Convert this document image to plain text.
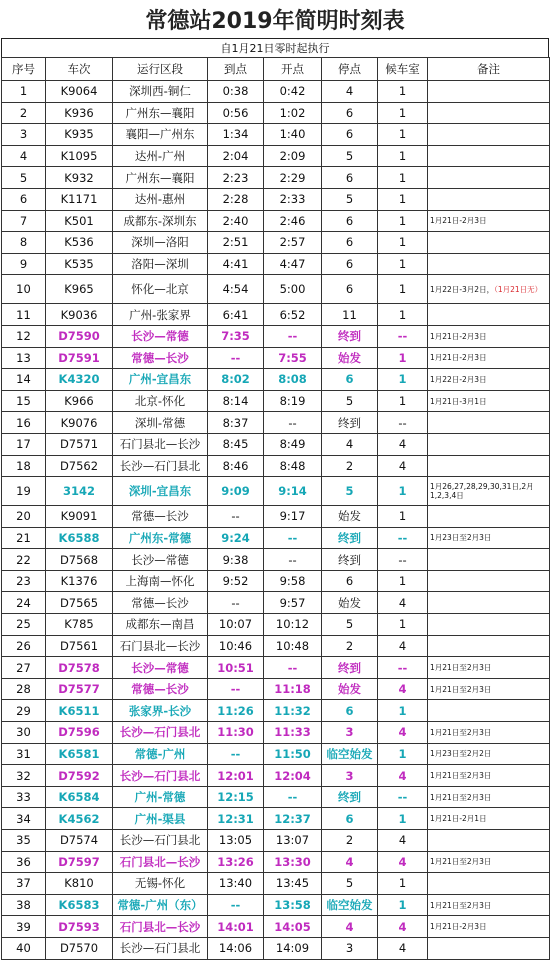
常德站2019年简明时刻表
自1月21日零时起执行
序号	车次	运行区段	到点	开点	停点	候车室	备注
1	K9064	深圳西-铜仁	0:38	0:42	4	1	
2	K936	广州东—襄阳	0:56	1:02	6	1	
3	K935	襄阳—广州东	1:34	1:40	6	1	
4	K1095	达州-广州	2:04	2:09	5	1	
5	K932	广州东—襄阳	2:23	2:29	6	1	
6	K1171	达州-惠州	2:28	2:33	5	1	
7	K501	成都东-深圳东	2:40	2:46	6	1	1月21日-2月3日
8	K536	深圳—洛阳	2:51	2:57	6	1	
9	K535	洛阳—深圳	4:41	4:47	6	1	
10	K965	怀化—北京	4:54	5:00	6	1	1月22日-3月2日，（1月21日无）
11	K9036	广州-张家界	6:41	6:52	11	1	
12	D7590	长沙—常德	7:35	--	终到	--	1月21日-2月3日
13	D7591	常德—长沙	--	7:55	始发	1	1月21日-2月3日
14	K4320	广州-宜昌东	8:02	8:08	6	1	1月22日-2月3日
15	K966	北京-怀化	8:14	8:19	5	1	1月21日-3月1日
16	K9076	深圳-常德	8:37	--	终到	--	
17	D7571	石门县北—长沙	8:45	8:49	4	4	
18	D7562	长沙—石门县北	8:46	8:48	2	4	
19	3142	深圳-宜昌东	9:09	9:14	5	1	1月26,27,28,29,30,31日,2月1,2,3,4日
20	K9091	常德—长沙	--	9:17	始发	1	
21	K6588	广州东-常德	9:24	--	终到	--	1月23日至2月3日
22	D7568	长沙—常德	9:38	--	终到	--	
23	K1376	上海南—怀化	9:52	9:58	6	1	
24	D7565	常德—长沙	--	9:57	始发	4	
25	K785	成都东—南昌	10:07	10:12	5	1	
26	D7561	石门县北—长沙	10:46	10:48	2	4	
27	D7578	长沙—常德	10:51	--	终到	--	1月21日至2月3日
28	D7577	常德—长沙	--	11:18	始发	4	1月21日至2月3日
29	K6511	张家界-长沙	11:26	11:32	6	1	
30	D7596	长沙—石门县北	11:30	11:33	3	4	1月21日至2月3日
31	K6581	常德-广州	--	11:50	临空始发	1	1月23日至2月2日
32	D7592	长沙—石门县北	12:01	12:04	3	4	1月21日至2月3日
33	K6584	广州-常德	12:15	--	终到	--	1月21日至2月3日
34	K4562	广州-渠县	12:31	12:37	6	1	1月21日-2月1日
35	D7574	长沙—石门县北	13:05	13:07	2	4	
36	D7597	石门县北—长沙	13:26	13:30	4	4	1月21日至2月3日
37	K810	无锡-怀化	13:40	13:45	5	1	
38	K6583	常德-广州（东）	--	13:58	临空始发	1	1月21日至2月3日
39	D7593	石门县北—长沙	14:01	14:05	4	4	1月21日-2月3日
40	D7570	长沙—石门县北	14:06	14:09	3	4	
